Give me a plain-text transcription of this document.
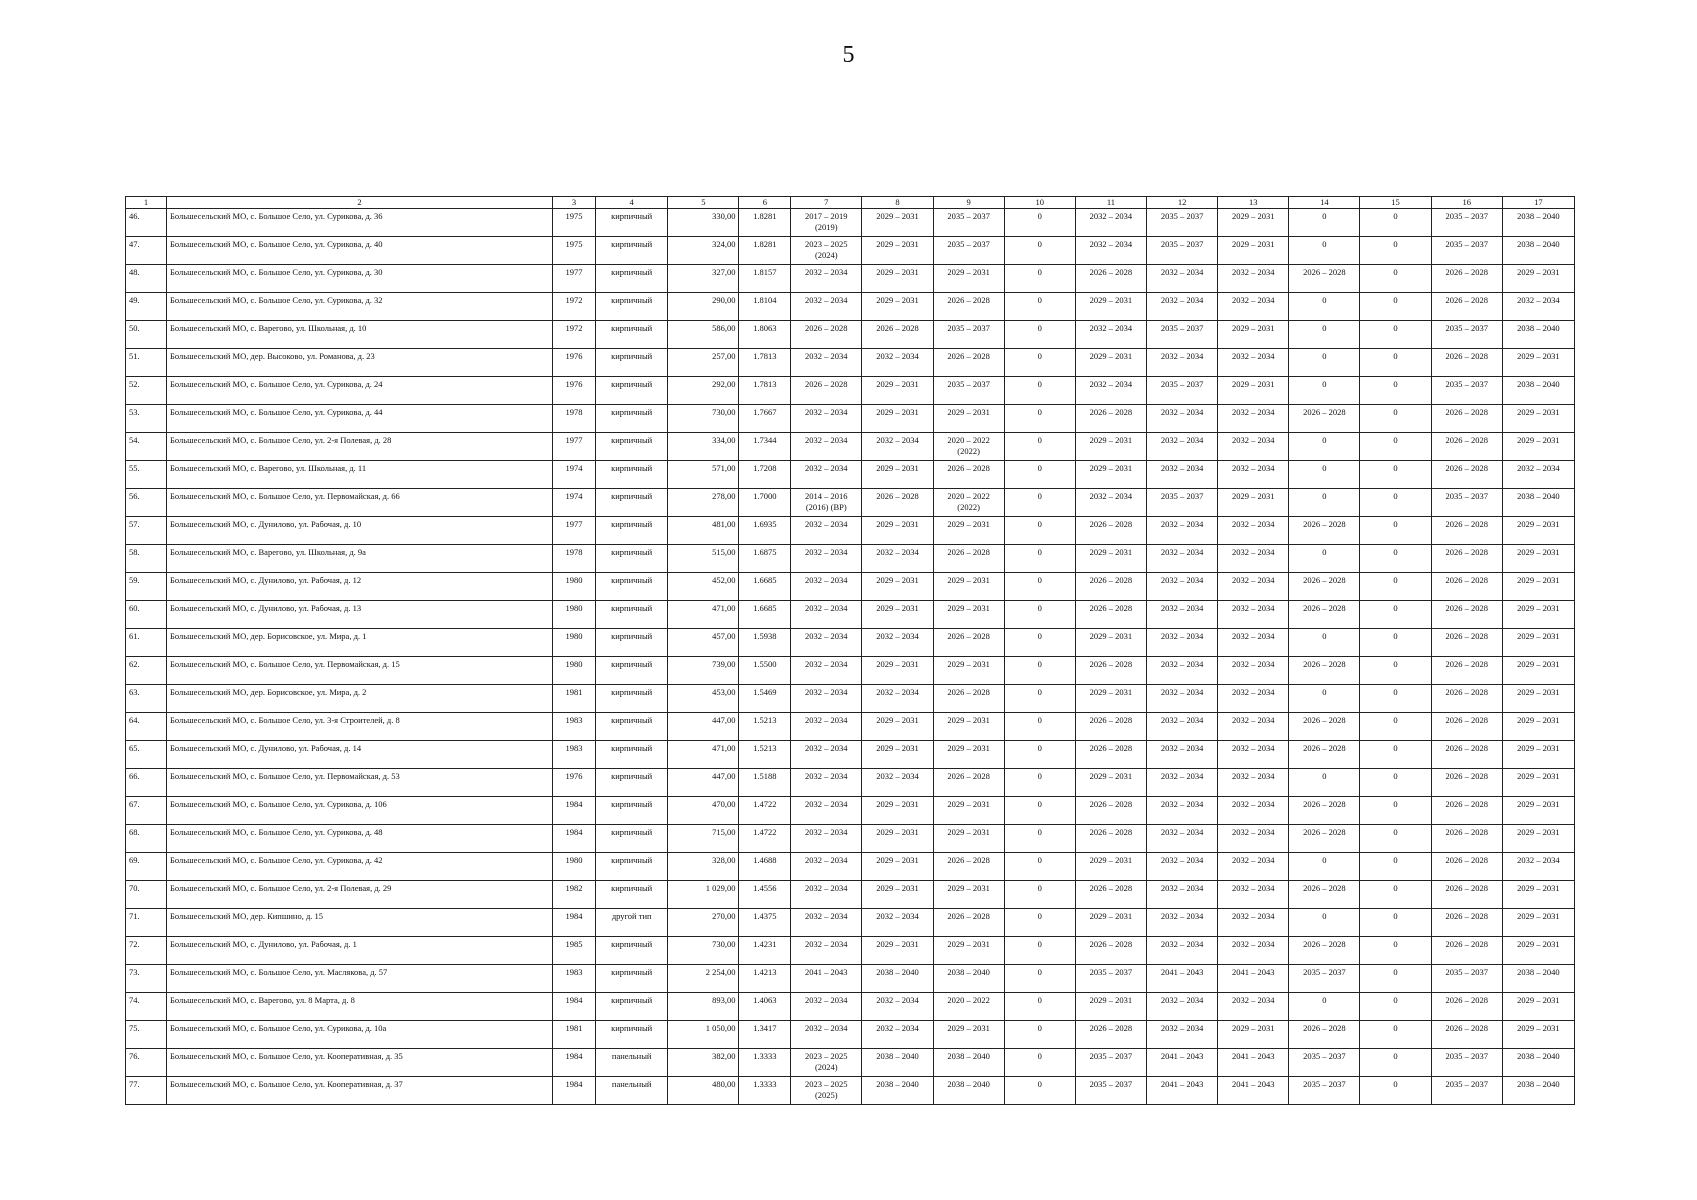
5
1	2	3	4	5	6	7	8	9	10	11	12	13	14	15	16	17
46.	Большесельский МО, с. Большое Село, ул. Сурикова, д. 36	1975	кирпичный	330,00	1.8281	2017 – 2019 (2019)	2029 – 2031	2035 – 2037	0	2032 – 2034	2035 – 2037	2029 – 2031	0	0	2035 – 2037	2038 – 2040
47.	Большесельский МО, с. Большое Село, ул. Сурикова, д. 40	1975	кирпичный	324,00	1.8281	2023 – 2025 (2024)	2029 – 2031	2035 – 2037	0	2032 – 2034	2035 – 2037	2029 – 2031	0	0	2035 – 2037	2038 – 2040
48.	Большесельский МО, с. Большое Село, ул. Сурикова, д. 30	1977	кирпичный	327,00	1.8157	2032 – 2034	2029 – 2031	2029 – 2031	0	2026 – 2028	2032 – 2034	2032 – 2034	2026 – 2028	0	2026 – 2028	2029 – 2031
49.	Большесельский МО, с. Большое Село, ул. Сурикова, д. 32	1972	кирпичный	290,00	1.8104	2032 – 2034	2029 – 2031	2026 – 2028	0	2029 – 2031	2032 – 2034	2032 – 2034	0	0	2026 – 2028	2032 – 2034
50.	Большесельский МО, с. Варегово, ул. Школьная, д. 10	1972	кирпичный	586,00	1.8063	2026 – 2028	2026 – 2028	2035 – 2037	0	2032 – 2034	2035 – 2037	2029 – 2031	0	0	2035 – 2037	2038 – 2040
51.	Большесельский МО, дер. Высоково, ул. Романова, д. 23	1976	кирпичный	257,00	1.7813	2032 – 2034	2032 – 2034	2026 – 2028	0	2029 – 2031	2032 – 2034	2032 – 2034	0	0	2026 – 2028	2029 – 2031
52.	Большесельский МО, с. Большое Село, ул. Сурикова, д. 24	1976	кирпичный	292,00	1.7813	2026 – 2028	2029 – 2031	2035 – 2037	0	2032 – 2034	2035 – 2037	2029 – 2031	0	0	2035 – 2037	2038 – 2040
53.	Большесельский МО, с. Большое Село, ул. Сурикова, д. 44	1978	кирпичный	730,00	1.7667	2032 – 2034	2029 – 2031	2029 – 2031	0	2026 – 2028	2032 – 2034	2032 – 2034	2026 – 2028	0	2026 – 2028	2029 – 2031
54.	Большесельский МО, с. Большое Село, ул. 2-я Полевая, д. 28	1977	кирпичный	334,00	1.7344	2032 – 2034	2032 – 2034	2020 – 2022 (2022)	0	2029 – 2031	2032 – 2034	2032 – 2034	0	0	2026 – 2028	2029 – 2031
55.	Большесельский МО, с. Варегово, ул. Школьная, д. 11	1974	кирпичный	571,00	1.7208	2032 – 2034	2029 – 2031	2026 – 2028	0	2029 – 2031	2032 – 2034	2032 – 2034	0	0	2026 – 2028	2032 – 2034
56.	Большесельский МО, с. Большое Село, ул. Первомайская, д. 66	1974	кирпичный	278,00	1.7000	2014 – 2016 (2016) (ВР)	2026 – 2028	2020 – 2022 (2022)	0	2032 – 2034	2035 – 2037	2029 – 2031	0	0	2035 – 2037	2038 – 2040
57.	Большесельский МО, с. Дунилово, ул. Рабочая, д. 10	1977	кирпичный	481,00	1.6935	2032 – 2034	2029 – 2031	2029 – 2031	0	2026 – 2028	2032 – 2034	2032 – 2034	2026 – 2028	0	2026 – 2028	2029 – 2031
58.	Большесельский МО, с. Варегово, ул. Школьная, д. 9а	1978	кирпичный	515,00	1.6875	2032 – 2034	2032 – 2034	2026 – 2028	0	2029 – 2031	2032 – 2034	2032 – 2034	0	0	2026 – 2028	2029 – 2031
59.	Большесельский МО, с. Дунилово, ул. Рабочая, д. 12	1980	кирпичный	452,00	1.6685	2032 – 2034	2029 – 2031	2029 – 2031	0	2026 – 2028	2032 – 2034	2032 – 2034	2026 – 2028	0	2026 – 2028	2029 – 2031
60.	Большесельский МО, с. Дунилово, ул. Рабочая, д. 13	1980	кирпичный	471,00	1.6685	2032 – 2034	2029 – 2031	2029 – 2031	0	2026 – 2028	2032 – 2034	2032 – 2034	2026 – 2028	0	2026 – 2028	2029 – 2031
61.	Большесельский МО, дер. Борисовское, ул. Мира, д. 1	1980	кирпичный	457,00	1.5938	2032 – 2034	2032 – 2034	2026 – 2028	0	2029 – 2031	2032 – 2034	2032 – 2034	0	0	2026 – 2028	2029 – 2031
62.	Большесельский МО, с. Большое Село, ул. Первомайская, д. 15	1980	кирпичный	739,00	1.5500	2032 – 2034	2029 – 2031	2029 – 2031	0	2026 – 2028	2032 – 2034	2032 – 2034	2026 – 2028	0	2026 – 2028	2029 – 2031
63.	Большесельский МО, дер. Борисовское, ул. Мира, д. 2	1981	кирпичный	453,00	1.5469	2032 – 2034	2032 – 2034	2026 – 2028	0	2029 – 2031	2032 – 2034	2032 – 2034	0	0	2026 – 2028	2029 – 2031
64.	Большесельский МО, с. Большое Село, ул. 3-я Строителей, д. 8	1983	кирпичный	447,00	1.5213	2032 – 2034	2029 – 2031	2029 – 2031	0	2026 – 2028	2032 – 2034	2032 – 2034	2026 – 2028	0	2026 – 2028	2029 – 2031
65.	Большесельский МО, с. Дунилово, ул. Рабочая, д. 14	1983	кирпичный	471,00	1.5213	2032 – 2034	2029 – 2031	2029 – 2031	0	2026 – 2028	2032 – 2034	2032 – 2034	2026 – 2028	0	2026 – 2028	2029 – 2031
66.	Большесельский МО, с. Большое Село, ул. Первомайская, д. 53	1976	кирпичный	447,00	1.5188	2032 – 2034	2032 – 2034	2026 – 2028	0	2029 – 2031	2032 – 2034	2032 – 2034	0	0	2026 – 2028	2029 – 2031
67.	Большесельский МО, с. Большое Село, ул. Сурикова, д. 106	1984	кирпичный	470,00	1.4722	2032 – 2034	2029 – 2031	2029 – 2031	0	2026 – 2028	2032 – 2034	2032 – 2034	2026 – 2028	0	2026 – 2028	2029 – 2031
68.	Большесельский МО, с. Большое Село, ул. Сурикова, д. 48	1984	кирпичный	715,00	1.4722	2032 – 2034	2029 – 2031	2029 – 2031	0	2026 – 2028	2032 – 2034	2032 – 2034	2026 – 2028	0	2026 – 2028	2029 – 2031
69.	Большесельский МО, с. Большое Село, ул. Сурикова, д. 42	1980	кирпичный	328,00	1.4688	2032 – 2034	2029 – 2031	2026 – 2028	0	2029 – 2031	2032 – 2034	2032 – 2034	0	0	2026 – 2028	2032 – 2034
70.	Большесельский МО, с. Большое Село, ул. 2-я Полевая, д. 29	1982	кирпичный	1 029,00	1.4556	2032 – 2034	2029 – 2031	2029 – 2031	0	2026 – 2028	2032 – 2034	2032 – 2034	2026 – 2028	0	2026 – 2028	2029 – 2031
71.	Большесельский МО, дер. Кипшино, д. 15	1984	другой тип	270,00	1.4375	2032 – 2034	2032 – 2034	2026 – 2028	0	2029 – 2031	2032 – 2034	2032 – 2034	0	0	2026 – 2028	2029 – 2031
72.	Большесельский МО, с. Дунилово, ул. Рабочая, д. 1	1985	кирпичный	730,00	1.4231	2032 – 2034	2029 – 2031	2029 – 2031	0	2026 – 2028	2032 – 2034	2032 – 2034	2026 – 2028	0	2026 – 2028	2029 – 2031
73.	Большесельский МО, с. Большое Село, ул. Маслякова, д. 57	1983	кирпичный	2 254,00	1.4213	2041 – 2043	2038 – 2040	2038 – 2040	0	2035 – 2037	2041 – 2043	2041 – 2043	2035 – 2037	0	2035 – 2037	2038 – 2040
74.	Большесельский МО, с. Варегово, ул. 8 Марта, д. 8	1984	кирпичный	893,00	1.4063	2032 – 2034	2032 – 2034	2020 – 2022	0	2029 – 2031	2032 – 2034	2032 – 2034	0	0	2026 – 2028	2029 – 2031
75.	Большесельский МО, с. Большое Село, ул. Сурикова, д. 10а	1981	кирпичный	1 050,00	1.3417	2032 – 2034	2032 – 2034	2029 – 2031	0	2026 – 2028	2032 – 2034	2029 – 2031	2026 – 2028	0	2026 – 2028	2029 – 2031
76.	Большесельский МО, с. Большое Село, ул. Кооперативная, д. 35	1984	панельный	382,00	1.3333	2023 – 2025 (2024)	2038 – 2040	2038 – 2040	0	2035 – 2037	2041 – 2043	2041 – 2043	2035 – 2037	0	2035 – 2037	2038 – 2040
77.	Большесельский МО, с. Большое Село, ул. Кооперативная, д. 37	1984	панельный	480,00	1.3333	2023 – 2025 (2025)	2038 – 2040	2038 – 2040	0	2035 – 2037	2041 – 2043	2041 – 2043	2035 – 2037	0	2035 – 2037	2038 – 2040
